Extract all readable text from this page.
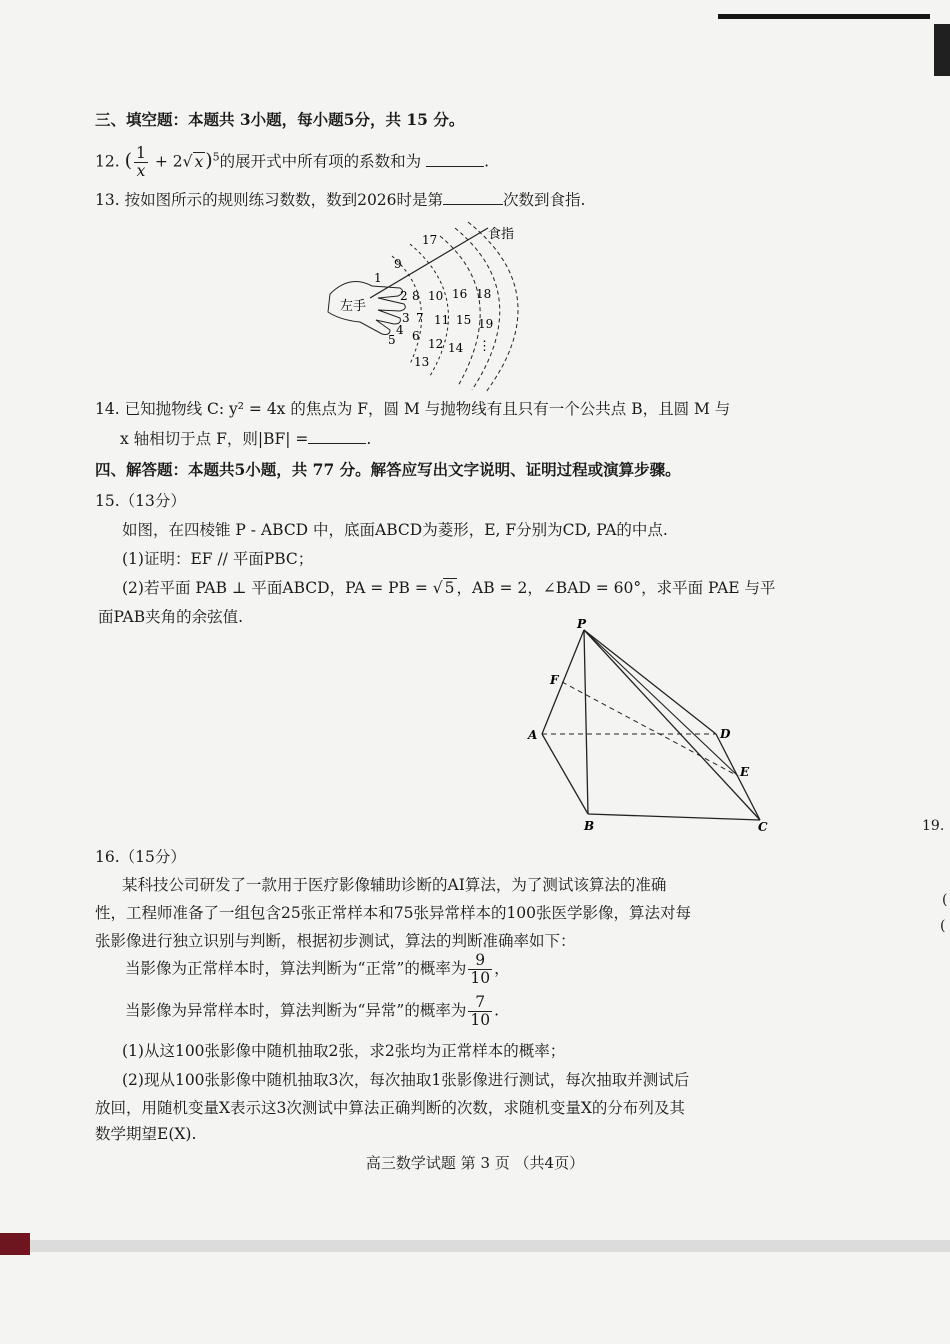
三、填空题：本题共 3小题，每小题5分，共 15 分。
12. ( $\frac{1}{x} + 2√$ x )$^5$的展开式中所有项的系数和为	.
13. 按如图所示的规则练习数数，数到2026时是第	次数到食指.
左手
食指
1
9
17
2 8 10 16 18
3 7 11 15 19
4 6
12 14
5
13
⋮
14. 已知抛物线 C: y² = 4x 的焦点为 F，圆 M 与抛物线有且只有一个公共点 B，且圆 M 与
x 轴相切于点 F，则|BF| =	.
四、解答题：本题共5小题，共 77 分。解答应写出文字说明、证明过程或演算步骤。
15.（13分）
如图，在四棱锥 P - ABCD 中，底面ABCD为菱形，E, F分别为CD, PA的中点.
(1)证明：EF // 平面PBC；
(2)若平面 PAB ⊥ 平面ABCD，PA = PB = √ 5 ，AB = 2，∠BAD = 60°，求平面 PAE 与平
面PAB夹角的余弦值.	P
F
A	D
E
B	C
16.（15分）
某科技公司研发了一款用于医疗影像辅助诊断的AI算法，为了测试该算法的准确
性，工程师准备了一组包含25张正常样本和75张异常样本的100张医学影像，算法对每
张影像进行独立识别与判断，根据初步测试，算法的判断准确率如下：
当影像为正常样本时，算法判断为“正常”的概率为 $\frac{9}{10}$ ，
当影像为异常样本时，算法判断为“异常”的概率为 $\frac{7}{10}$ .
(1)从这100张影像中随机抽取2张，求2张均为正常样本的概率；
(2)现从100张影像中随机抽取3次，每次抽取1张影像进行测试，每次抽取并测试后
放回，用随机变量X表示这3次测试中算法正确判断的次数，求随机变量X的分布列及其
数学期望E(X).
高三数学试题 第 3 页 （共4页）
19.
(
(
